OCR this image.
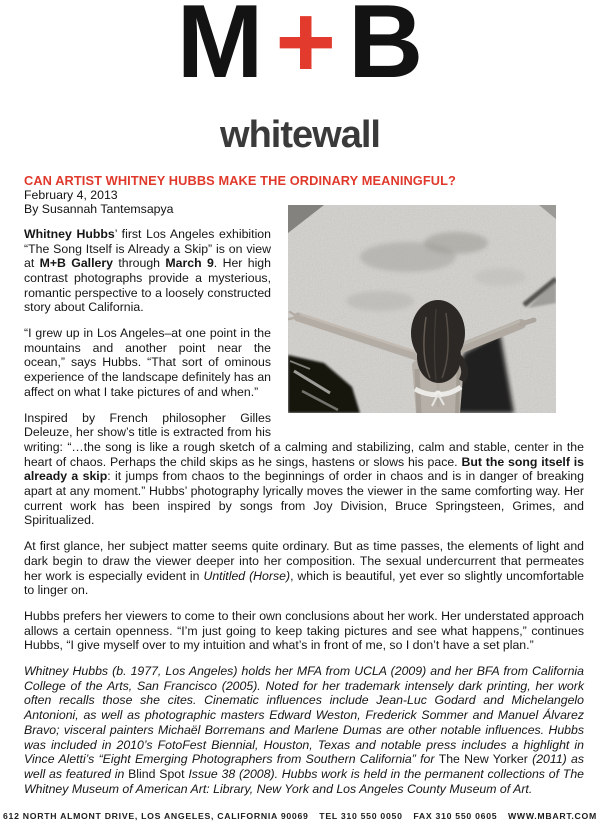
M + B
whitewall
CAN ARTIST WHITNEY HUBBS MAKE THE ORDINARY MEANINGFUL?
February 4, 2013
By Susannah Tantemsapya

Whitney Hubbs’ first Los Angeles exhibition “The Song Itself is Already a Skip” is on view at M+B Gallery through March 9. Her high contrast photographs provide a mysterious, romantic perspective to a loosely constructed story about California.

“I grew up in Los Angeles–at one point in the mountains and another point near the ocean,” says Hubbs. “That sort of ominous experience of the landscape definitely has an affect on what I take pictures of and when.”

Inspired by French philosopher Gilles Deleuze, her show’s title is extracted from his writing: “…the song is like a rough sketch of a calming and stabilizing, calm and stable, center in the heart of chaos. Perhaps the child skips as he sings, hastens or slows his pace. But the song itself is already a skip: it jumps from chaos to the beginnings of order in chaos and is in danger of breaking apart at any moment.” Hubbs’ photography lyrically moves the viewer in the same comforting way. Her current work has been inspired by songs from Joy Division, Bruce Springsteen, Grimes, and Spiritualized.

At first glance, her subject matter seems quite ordinary. But as time passes, the elements of light and dark begin to draw the viewer deeper into her composition. The sexual undercurrent that permeates her work is especially evident in Untitled (Horse), which is beautiful, yet ever so slightly uncomfortable to linger on.

Hubbs prefers her viewers to come to their own conclusions about her work. Her understated approach allows a certain openness. “I’m just going to keep taking pictures and see what happens,” continues Hubbs, “I give myself over to my intuition and what’s in front of me, so I don’t have a set plan.”

Whitney Hubbs (b. 1977, Los Angeles) holds her MFA from UCLA (2009) and her BFA from California College of the Arts, San Francisco (2005). Noted for her trademark intensely dark printing, her work often recalls those she cites. Cinematic influences include Jean-Luc Godard and Michelangelo Antonioni, as well as photographic masters Edward Weston, Frederick Sommer and Manuel Álvarez Bravo; visceral painters Michaël Borremans and Marlene Dumas are other notable influences. Hubbs was included in 2010’s FotoFest Biennial, Houston, Texas and notable press includes a highlight in Vince Aletti’s “Eight Emerging Photographers from Southern California” for The New Yorker (2011) as well as featured in Blind Spot Issue 38 (2008). Hubbs work is held in the permanent collections of The Whitney Museum of American Art: Library, New York and Los Angeles County Museum of Art.

612 NORTH ALMONT DRIVE, LOS ANGELES, CALIFORNIA 90069 TEL 310 550 0050 FAX 310 550 0605 WWW.MBART.COM
